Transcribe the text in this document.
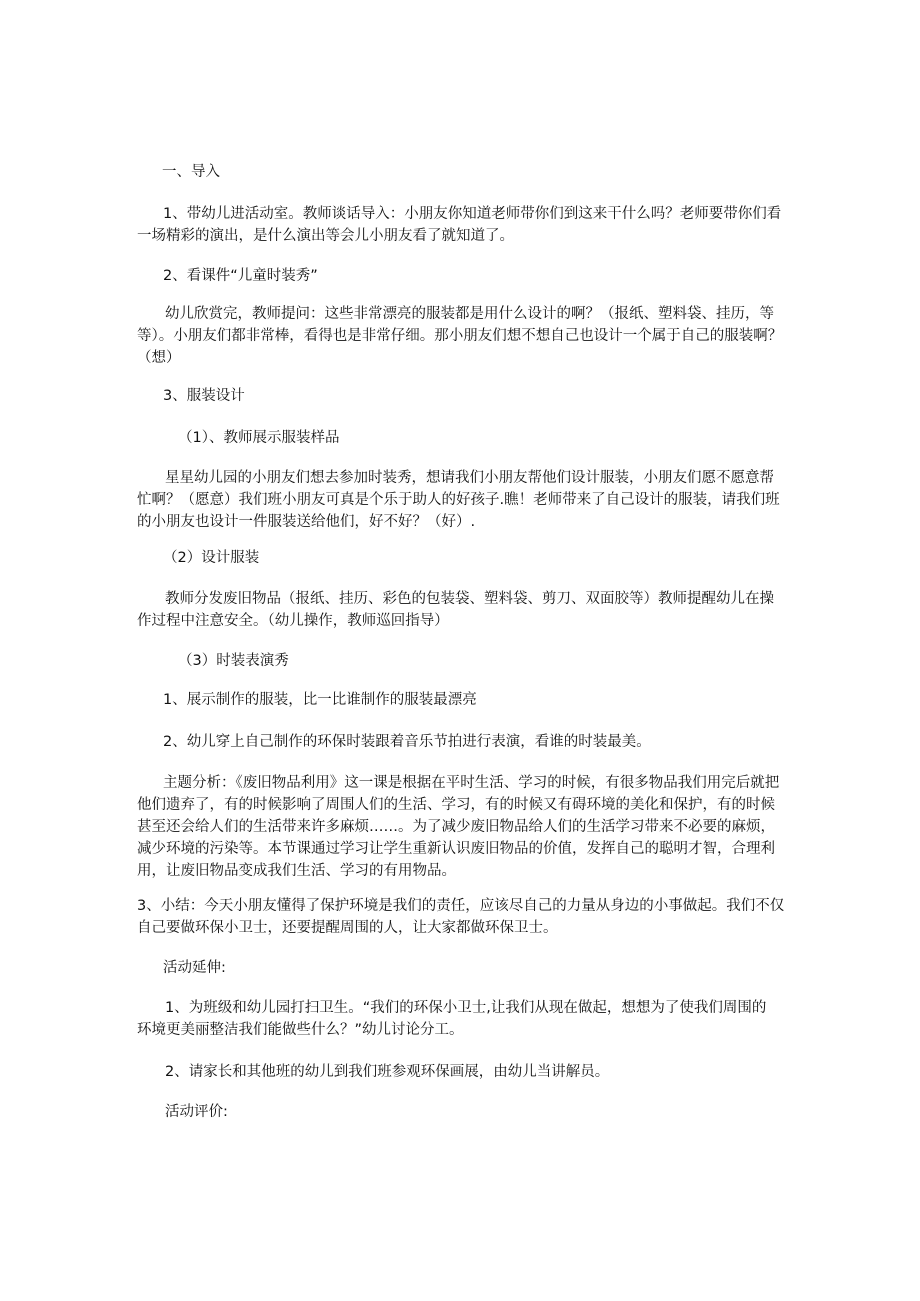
一、导入
1、带幼儿进活动室。教师谈话导入：小朋友你知道老师带你们到这来干什么吗？老师要带你们看
一场精彩的演出，是什么演出等会儿小朋友看了就知道了。
2、看课件“儿童时装秀”
幼儿欣赏完，教师提问：这些非常漂亮的服装都是用什么设计的啊？（报纸、塑料袋、挂历，等
等）。小朋友们都非常棒，看得也是非常仔细。那小朋友们想不想自己也设计一个属于自己的服装啊？
（想）
3、服装设计
（1）、教师展示服装样品
星星幼儿园的小朋友们想去参加时装秀，想请我们小朋友帮他们设计服装，小朋友们愿不愿意帮
忙啊？（愿意）我们班小朋友可真是个乐于助人的好孩子.瞧！老师带来了自己设计的服装，请我们班
的小朋友也设计一件服装送给他们，好不好？（好）.
（2）设计服装
教师分发废旧物品（报纸、挂历、彩色的包装袋、塑料袋、剪刀、双面胶等）教师提醒幼儿在操
作过程中注意安全。（幼儿操作，教师巡回指导）
（3）时装表演秀
1、展示制作的服装，比一比谁制作的服装最漂亮
2、幼儿穿上自己制作的环保时装跟着音乐节拍进行表演，看谁的时装最美。
主题分析：《废旧物品利用》这一课是根据在平时生活、学习的时候，有很多物品我们用完后就把
他们遗弃了，有的时候影响了周围人们的生活、学习，有的时候又有碍环境的美化和保护，有的时候
甚至还会给人们的生活带来许多麻烦……。为了减少废旧物品给人们的生活学习带来不必要的麻烦，
减少环境的污染等。本节课通过学习让学生重新认识废旧物品的价值，发挥自己的聪明才智，合理利
用，让废旧物品变成我们生活、学习的有用物品。
3、小结：今天小朋友懂得了保护环境是我们的责任，应该尽自己的力量从身边的小事做起。我们不仅
自己要做环保小卫士，还要提醒周围的人，让大家都做环保卫士。
活动延伸:
1、为班级和幼儿园打扫卫生。“我们的环保小卫士,让我们从现在做起，想想为了使我们周围的
环境更美丽整洁我们能做些什么？”幼儿讨论分工。
2、请家长和其他班的幼儿到我们班参观环保画展，由幼儿当讲解员。
活动评价:
